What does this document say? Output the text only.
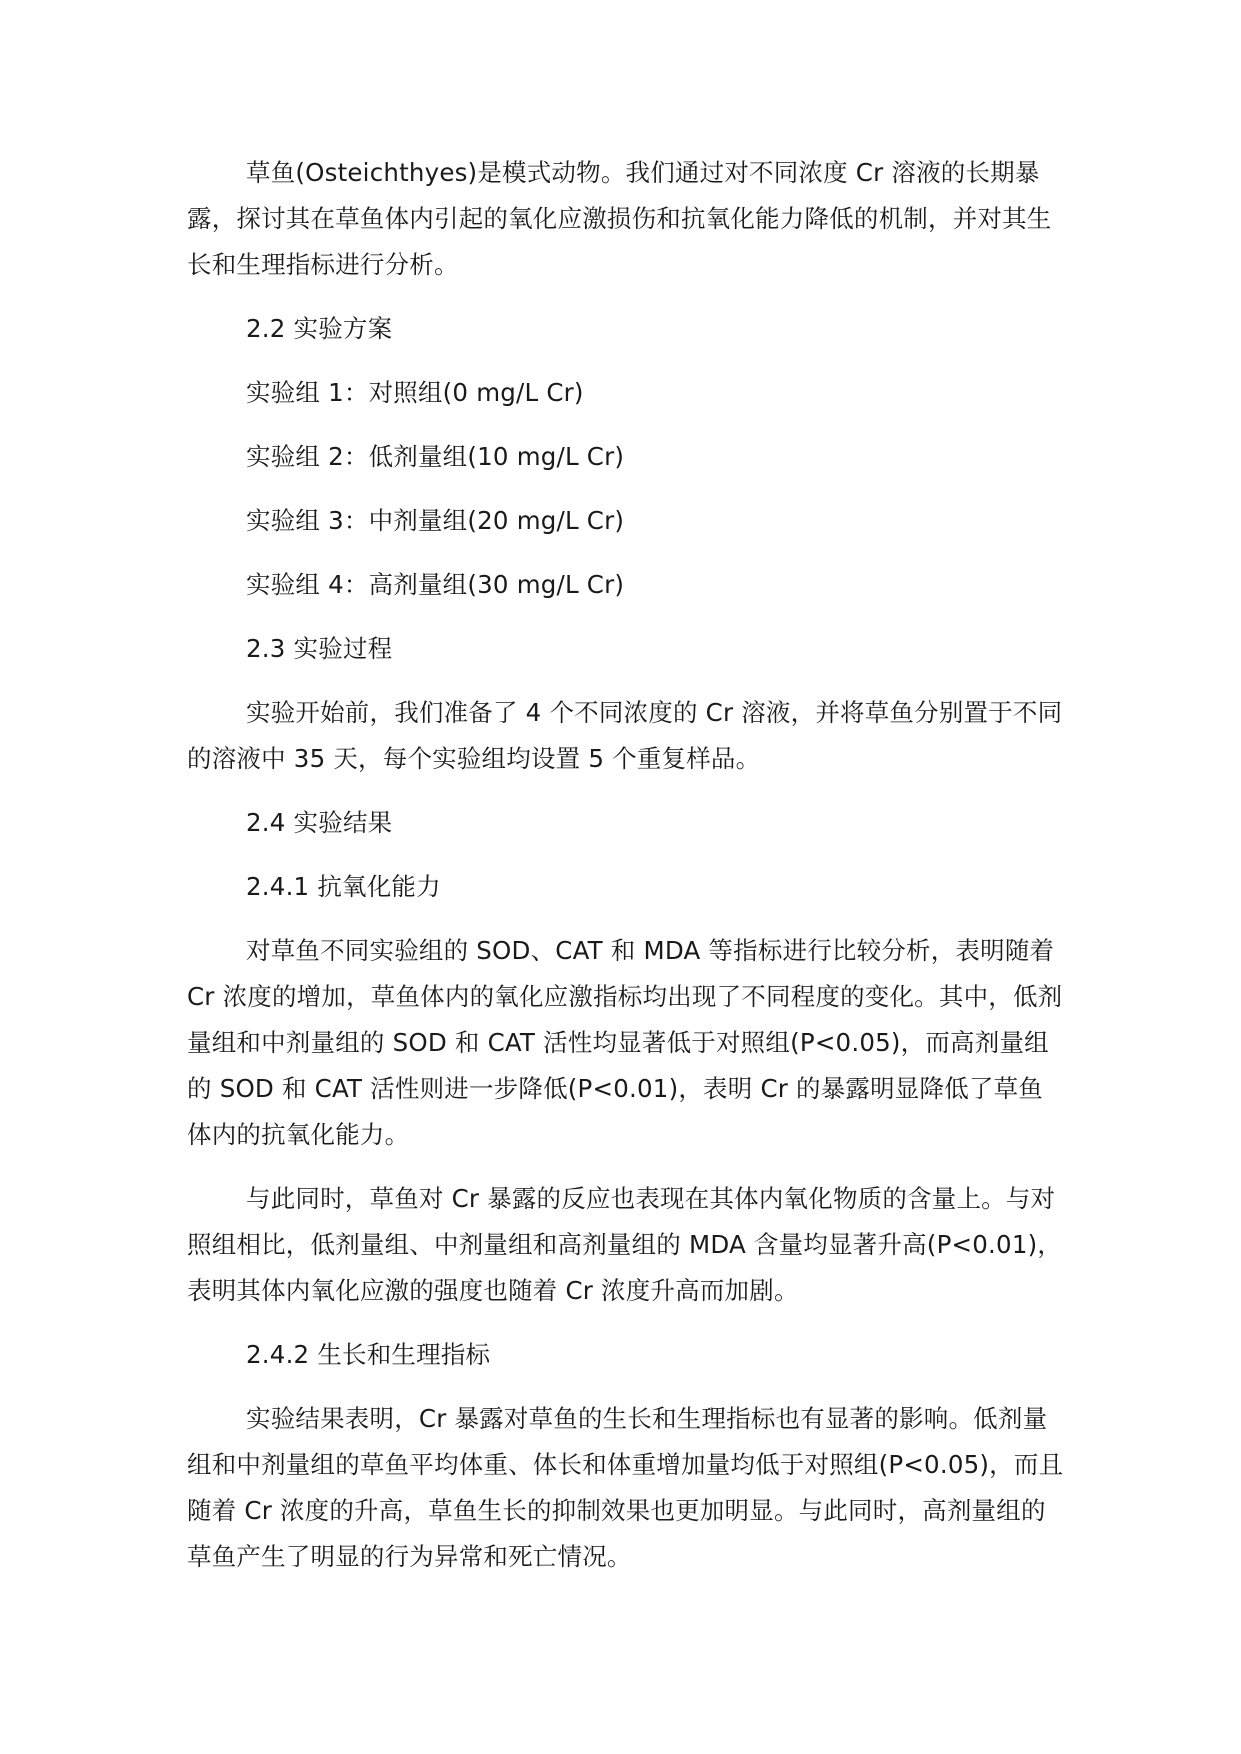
草鱼(Osteichthyes)是模式动物。我们通过对不同浓度 Cr 溶液的长期暴露，探讨其在草鱼体内引起的氧化应激损伤和抗氧化能力降低的机制，并对其生长和生理指标进行分析。

2.2 实验方案

实验组 1：对照组(0 mg/L Cr)

实验组 2：低剂量组(10 mg/L Cr)

实验组 3：中剂量组(20 mg/L Cr)

实验组 4：高剂量组(30 mg/L Cr)

2.3 实验过程

实验开始前，我们准备了 4 个不同浓度的 Cr 溶液，并将草鱼分别置于不同的溶液中 35 天，每个实验组均设置 5 个重复样品。

2.4 实验结果

2.4.1 抗氧化能力

对草鱼不同实验组的 SOD、CAT 和 MDA 等指标进行比较分析，表明随着 Cr 浓度的增加，草鱼体内的氧化应激指标均出现了不同程度的变化。其中，低剂量组和中剂量组的 SOD 和 CAT 活性均显著低于对照组(P<0.05)，而高剂量组的 SOD 和 CAT 活性则进一步降低(P<0.01)，表明 Cr 的暴露明显降低了草鱼体内的抗氧化能力。

与此同时，草鱼对 Cr 暴露的反应也表现在其体内氧化物质的含量上。与对照组相比，低剂量组、中剂量组和高剂量组的 MDA 含量均显著升高(P<0.01)，表明其体内氧化应激的强度也随着 Cr 浓度升高而加剧。

2.4.2 生长和生理指标

实验结果表明，Cr 暴露对草鱼的生长和生理指标也有显著的影响。低剂量组和中剂量组的草鱼平均体重、体长和体重增加量均低于对照组(P<0.05)，而且随着 Cr 浓度的升高，草鱼生长的抑制效果也更加明显。与此同时，高剂量组的草鱼产生了明显的行为异常和死亡情况。
